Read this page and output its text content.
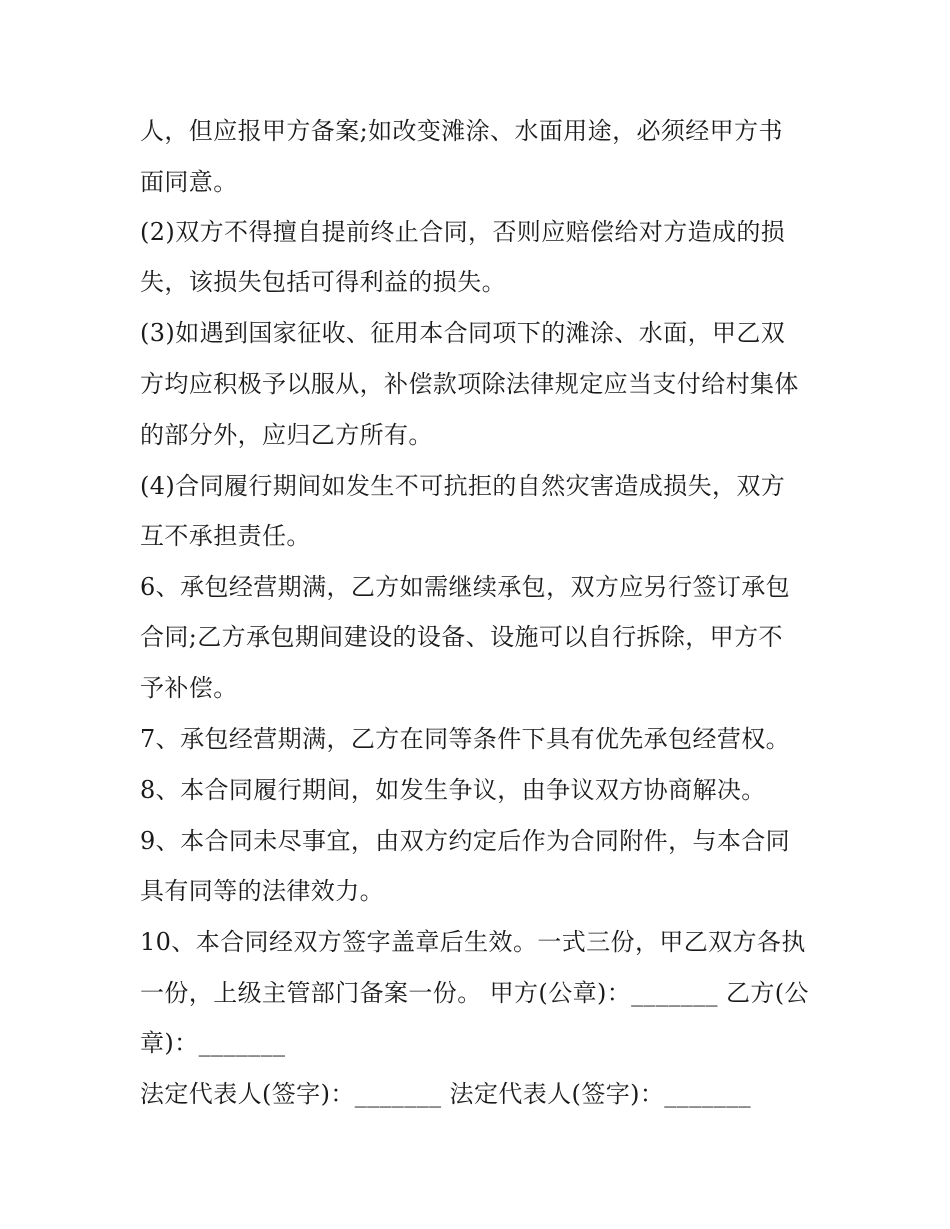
人，但应报甲方备案;如改变滩涂、水面用途，必须经甲方书
面同意。
(2)双方不得擅自提前终止合同，否则应赔偿给对方造成的损
失，该损失包括可得利益的损失。
(3)如遇到国家征收、征用本合同项下的滩涂、水面，甲乙双
方均应积极予以服从，补偿款项除法律规定应当支付给村集体
的部分外，应归乙方所有。
(4)合同履行期间如发生不可抗拒的自然灾害造成损失，双方
互不承担责任。
6、承包经营期满，乙方如需继续承包，双方应另行签订承包
合同;乙方承包期间建设的设备、设施可以自行拆除，甲方不
予补偿。
7、承包经营期满，乙方在同等条件下具有优先承包经营权。
8、本合同履行期间，如发生争议，由争议双方协商解决。
9、本合同未尽事宜，由双方约定后作为合同附件，与本合同
具有同等的法律效力。
10、本合同经双方签字盖章后生效。一式三份，甲乙双方各执
一份，上级主管部门备案一份。 甲方(公章)：_______ 乙方(公
章)：_______
法定代表人(签字)：_______ 法定代表人(签字)：_______
